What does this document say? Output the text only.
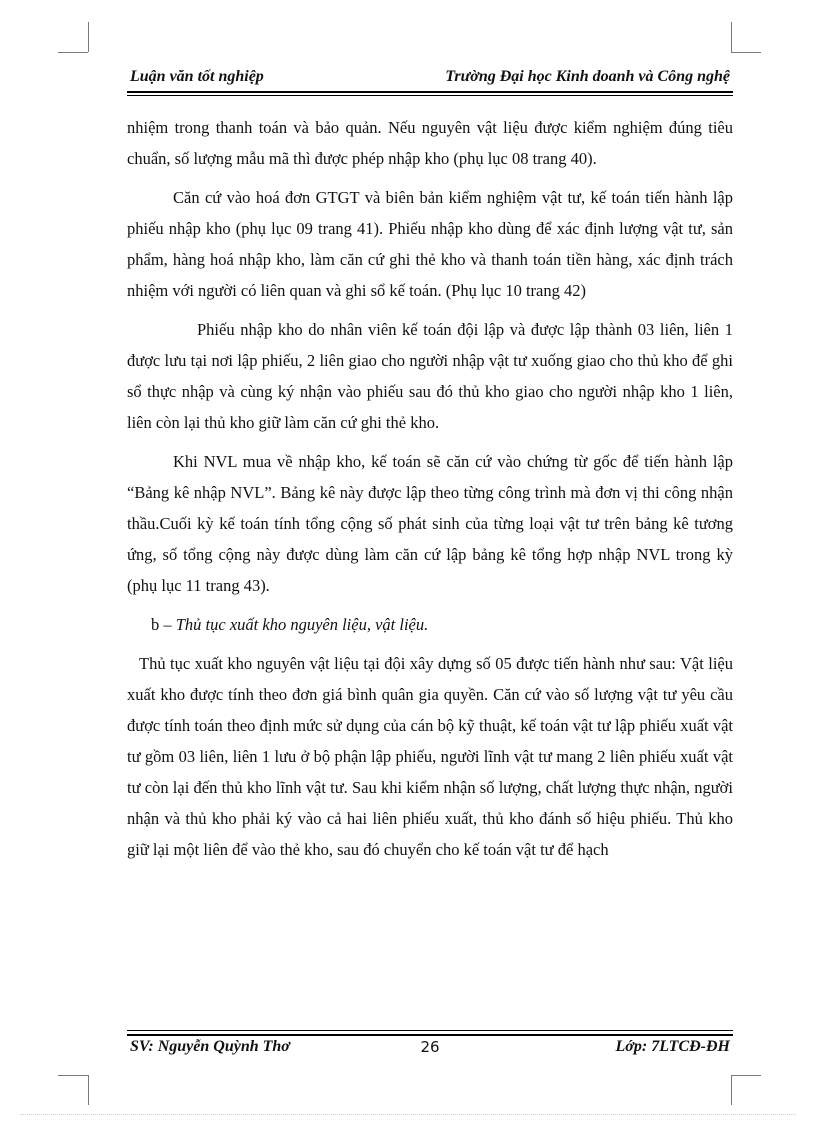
Luận văn tốt nghiệp	Trường Đại học Kinh doanh và Công nghệ

nhiệm trong thanh toán và bảo quản. Nếu nguyên vật liệu được kiểm nghiệm đúng tiêu chuẩn, số lượng mẫu mã thì được phép nhập kho (phụ lục 08 trang 40).

Căn cứ vào hoá đơn GTGT và biên bản kiểm nghiệm vật tư, kế toán tiến hành lập phiếu nhập kho (phụ lục 09 trang 41). Phiếu nhập kho dùng để xác định lượng vật tư, sản phẩm, hàng hoá nhập kho, làm căn cứ ghi thẻ kho và thanh toán tiền hàng, xác định trách nhiệm với người có liên quan và ghi sổ kế toán. (Phụ lục 10 trang 42)

Phiếu nhập kho do nhân viên kế toán đội lập và được lập thành 03 liên, liên 1 được lưu tại nơi lập phiếu, 2 liên giao cho người nhập vật tư xuống giao cho thủ kho để ghi sổ thực nhập và cùng ký nhận vào phiếu sau đó thủ kho giao cho người nhập kho 1 liên, liên còn lại thủ kho giữ làm căn cứ ghi thẻ kho.

Khi NVL mua về nhập kho, kế toán sẽ căn cứ vào chứng từ gốc để tiến hành lập “Bảng kê nhập NVL”. Bảng kê này được lập theo từng công trình mà đơn vị thi công nhận thầu.Cuối kỳ kế toán tính tổng cộng số phát sinh của từng loại vật tư trên bảng kê tương ứng, số tổng cộng này được dùng làm căn cứ lập bảng kê tổng hợp nhập NVL trong kỳ (phụ lục 11 trang 43).

b – Thủ tục xuất kho nguyên liệu, vật liệu.

Thủ tục xuất kho nguyên vật liệu tại đội xây dựng số 05 được tiến hành như sau: Vật liệu xuất kho được tính theo đơn giá bình quân gia quyền. Căn cứ vào số lượng vật tư yêu cầu được tính toán theo định mức sử dụng của cán bộ kỹ thuật, kế toán vật tư lập phiếu xuất vật tư gồm 03 liên, liên 1 lưu ở bộ phận lập phiếu, người lĩnh vật tư mang 2 liên phiếu xuất vật tư còn lại đến thủ kho lĩnh vật tư. Sau khi kiểm nhận số lượng, chất lượng thực nhận, người nhận và thủ kho phải ký vào cả hai liên phiếu xuất, thủ kho đánh số hiệu phiếu. Thủ kho giữ lại một liên để vào thẻ kho, sau đó chuyển cho kế toán vật tư để hạch

SV: Nguyễn Quỳnh Thơ	26	Lớp: 7LTCĐ-ĐH
